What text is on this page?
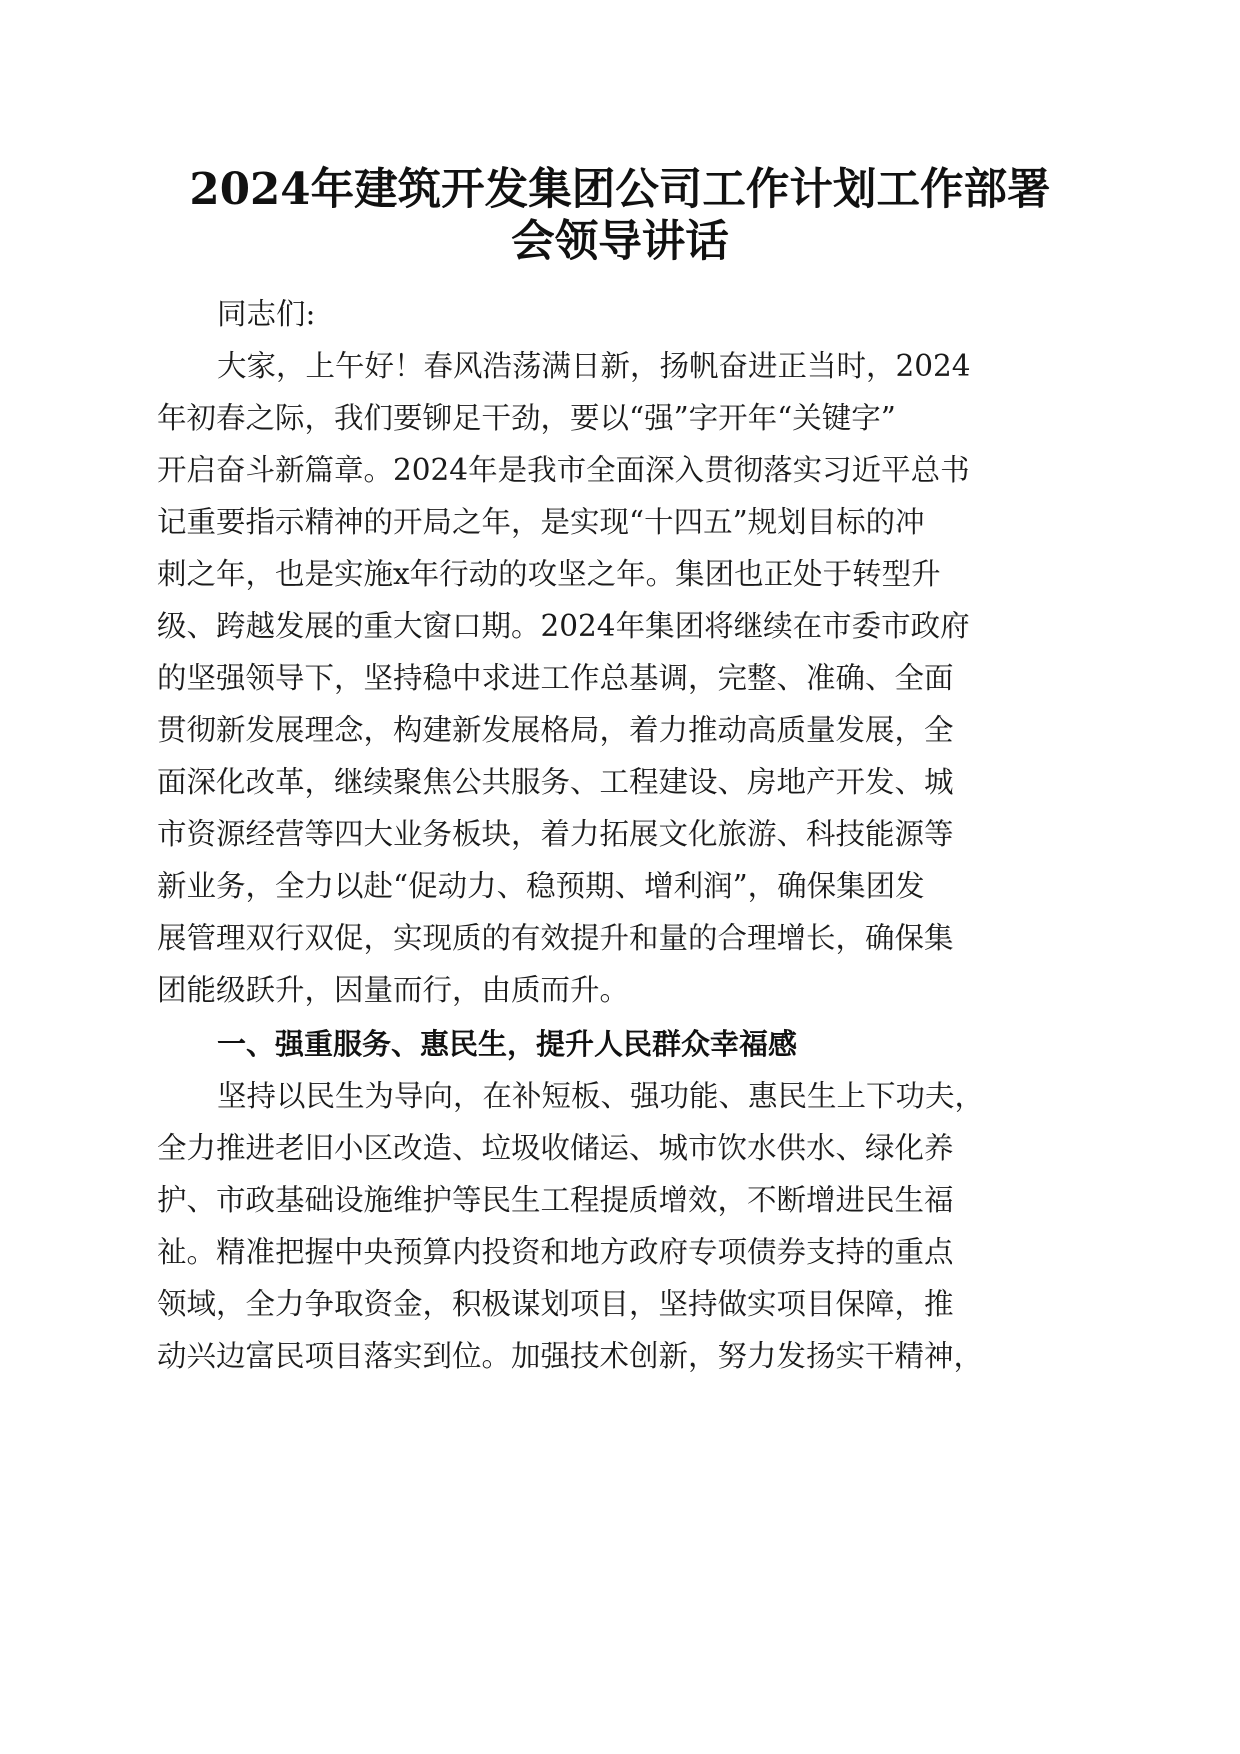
2024年建筑开发集团公司工作计划工作部署
会领导讲话
同志们:
大家，上午好！春风浩荡满日新，扬帆奋进正当时，2024
年初春之际，我们要铆足干劲，要以“强”字开年“关键字”
开启奋斗新篇章。2024年是我市全面深入贯彻落实习近平总书
记重要指示精神的开局之年，是实现“十四五”规划目标的冲
刺之年，也是实施x年行动的攻坚之年。集团也正处于转型升
级、跨越发展的重大窗口期。2024年集团将继续在市委市政府
的坚强领导下，坚持稳中求进工作总基调，完整、准确、全面
贯彻新发展理念，构建新发展格局，着力推动高质量发展，全
面深化改革，继续聚焦公共服务、工程建设、房地产开发、城
市资源经营等四大业务板块，着力拓展文化旅游、科技能源等
新业务，全力以赴“促动力、稳预期、增利润”，确保集团发
展管理双行双促，实现质的有效提升和量的合理增长，确保集
团能级跃升，因量而行，由质而升。
一、强重服务、惠民生，提升人民群众幸福感
坚持以民生为导向，在补短板、强功能、惠民生上下功夫，
全力推进老旧小区改造、垃圾收储运、城市饮水供水、绿化养
护、市政基础设施维护等民生工程提质增效，不断增进民生福
祉。精准把握中央预算内投资和地方政府专项债券支持的重点
领域，全力争取资金，积极谋划项目，坚持做实项目保障，推
动兴边富民项目落实到位。加强技术创新，努力发扬实干精神，
